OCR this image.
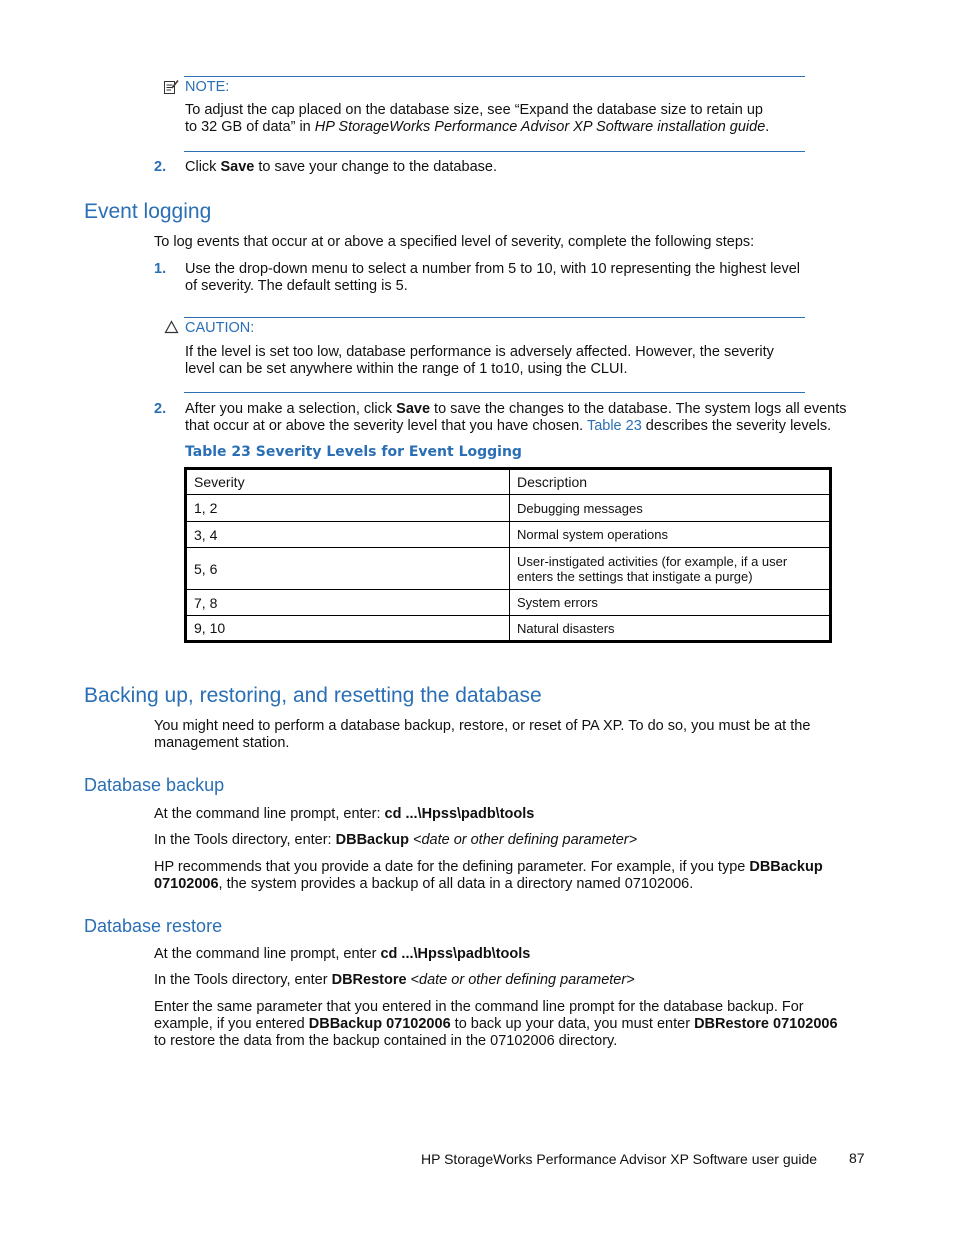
NOTE:
To adjust the cap placed on the database size, see “Expand the database size to retain up
to 32 GB of data” in HP StorageWorks Performance Advisor XP Software installation guide.
2. Click Save to save your change to the database.
Event logging
To log events that occur at or above a specified level of severity, complete the following steps:
1. Use the drop-down menu to select a number from 5 to 10, with 10 representing the highest level
of severity. The default setting is 5.
CAUTION:
If the level is set too low, database performance is adversely affected. However, the severity
level can be set anywhere within the range of 1 to10, using the CLUI.
2. After you make a selection, click Save to save the changes to the database. The system logs all events
that occur at or above the severity level that you have chosen. Table 23 describes the severity levels.
Table 23 Severity Levels for Event Logging
Severity	Description
1, 2	Debugging messages
3, 4	Normal system operations
5, 6	User-instigated activities (for example, if a user enters the settings that instigate a purge)
7, 8	System errors
9, 10	Natural disasters
Backing up, restoring, and resetting the database
You might need to perform a database backup, restore, or reset of PA XP. To do so, you must be at the
management station.
Database backup
At the command line prompt, enter: cd ...\Hpss\padb\tools
In the Tools directory, enter: DBBackup <date or other defining parameter>
HP recommends that you provide a date for the defining parameter. For example, if you type DBBackup
07102006, the system provides a backup of all data in a directory named 07102006.
Database restore
At the command line prompt, enter cd ...\Hpss\padb\tools
In the Tools directory, enter DBRestore <date or other defining parameter>
Enter the same parameter that you entered in the command line prompt for the database backup. For
example, if you entered DBBackup 07102006 to back up your data, you must enter DBRestore 07102006
to restore the data from the backup contained in the 07102006 directory.
HP StorageWorks Performance Advisor XP Software user guide 87
